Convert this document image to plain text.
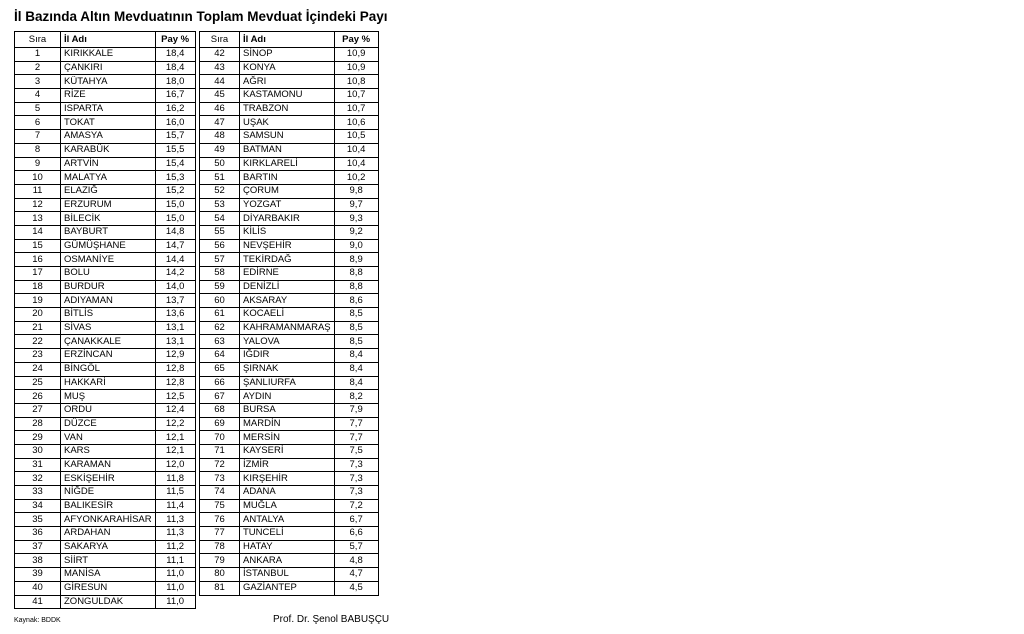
İl Bazında Altın Mevduatının Toplam Mevduat İçindeki Payı
Sıra	İl Adı	Pay %
1	KIRIKKALE	18,4
2	ÇANKIRI	18,4
3	KÜTAHYA	18,0
4	RİZE	16,7
5	ISPARTA	16,2
6	TOKAT	16,0
7	AMASYA	15,7
8	KARABÜK	15,5
9	ARTVİN	15,4
10	MALATYA	15,3
11	ELAZIĞ	15,2
12	ERZURUM	15,0
13	BİLECİK	15,0
14	BAYBURT	14,8
15	GÜMÜŞHANE	14,7
16	OSMANİYE	14,4
17	BOLU	14,2
18	BURDUR	14,0
19	ADIYAMAN	13,7
20	BİTLİS	13,6
21	SİVAS	13,1
22	ÇANAKKALE	13,1
23	ERZİNCAN	12,9
24	BİNGÖL	12,8
25	HAKKARİ	12,8
26	MUŞ	12,5
27	ORDU	12,4
28	DÜZCE	12,2
29	VAN	12,1
30	KARS	12,1
31	KARAMAN	12,0
32	ESKİŞEHİR	11,8
33	NİĞDE	11,5
34	BALIKESİR	11,4
35	AFYONKARAHİSAR	11,3
36	ARDAHAN	11,3
37	SAKARYA	11,2
38	SİİRT	11,1
39	MANİSA	11,0
40	GİRESUN	11,0
41	ZONGULDAK	11,0
Sıra	İl Adı	Pay %
42	SİNOP	10,9
43	KONYA	10,9
44	AĞRI	10,8
45	KASTAMONU	10,7
46	TRABZON	10,7
47	UŞAK	10,6
48	SAMSUN	10,5
49	BATMAN	10,4
50	KIRKLARELİ	10,4
51	BARTIN	10,2
52	ÇORUM	9,8
53	YOZGAT	9,7
54	DİYARBAKIR	9,3
55	KİLİS	9,2
56	NEVŞEHİR	9,0
57	TEKİRDAĞ	8,9
58	EDİRNE	8,8
59	DENİZLİ	8,8
60	AKSARAY	8,6
61	KOCAELİ	8,5
62	KAHRAMANMARAŞ	8,5
63	YALOVA	8,5
64	IĞDIR	8,4
65	ŞIRNAK	8,4
66	ŞANLIURFA	8,4
67	AYDIN	8,2
68	BURSA	7,9
69	MARDİN	7,7
70	MERSİN	7,7
71	KAYSERİ	7,5
72	İZMİR	7,3
73	KIRŞEHİR	7,3
74	ADANA	7,3
75	MUĞLA	7,2
76	ANTALYA	6,7
77	TUNCELİ	6,6
78	HATAY	5,7
79	ANKARA	4,8
80	İSTANBUL	4,7
81	GAZİANTEP	4,5
Kaynak: BDDK	Prof. Dr. Şenol BABUŞÇU
